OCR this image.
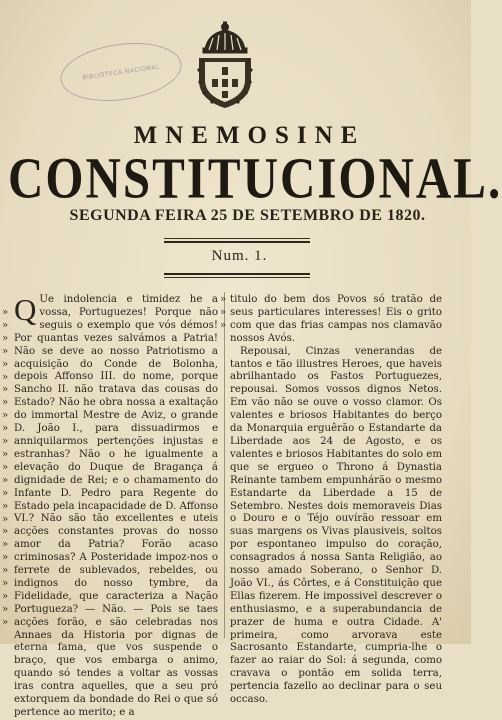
BIBLIOTECA NACIONAL
MNEMOSINE
CONSTITUCIONAL.
SEGUNDA FEIRA 25 DE SETEMBRO DE 1820.
Num. 1.

Q Ue indolencia e timidez he a vossa, Portuguezes! Porque não seguis o exemplo que vós démos! Por quantas vezes salvámos a Patria! Não se deve ao nosso Patriotismo a acquisição do Conde de Bolonha, depois Affonso III. do nome, porque Sancho II. não tratava das cousas do Estado? Não he obra nossa a exaltação do immortal Mestre de Aviz, o grande D. João I., para dissuadirmos e anniquilarmos pertenções injustas e estranhas? Não o he igualmente a elevação do Duque de Bragança á dignidade de Rei; e o chamamento do Infante D. Pedro para Regente do Estado pela incapacidade de D. Affonso VI.? Não são tão excellentes e uteis acções constantes provas do nosso amor da Patria? Forão acaso criminosas? A Posteridade impoz-nos o ferrete de sublevados, rebeldes, ou indignos do nosso tymbre, da Fidelidade, que caracteriza a Nação Portugueza? — Não. — Pois se taes acções forão, e são celebradas nos Annaes da Historia por dignas de eterna fama, que vos suspende o braço, que vos embarga o animo, quando só tendes a voltar as vossas iras contra aquelles, que a seu pró extorquem da bondade do Rei o que só pertence ao merito; e a

titulo do bem dos Povos só tratão de seus particulares interesses! Eis o grito com que das frias campas nos clamavão nossos Avós.

Repousai, Cinzas venerandas de tantos e tão illustres Heroes, que haveis abrilhantado os Fastos Portuguezes, repousai. Somos vossos dignos Netos. Em vão não se ouve o vosso clamor. Os valentes e briosos Habitantes do berço da Monarquia erguêrão o Estandarte da Liberdade aos 24 de Agosto, e os valentes e briosos Habitantes do solo em que se ergueo o Throno á Dynastia Reinante tambem empunhárão o mesmo Estandarte da Liberdade a 15 de Setembro. Nestes dois memoraveis Dias o Douro e o Téjo ouvírão ressoar em suas margens os Vivas plausiveis, soltos por espontaneo impulso do coração, consagrados á nossa Santa Religião, ao nosso amado Soberano, o Senhor D. João VI., ás Côrtes, e á Constituição que Ellas fizerem. He impossivel descrever o enthusiasmo, e a superabundancia de prazer de huma e outra Cidade. A' primeira, como arvorava este Sacrosanto Estandarte, cumpria-lhe o fazer ao raiar do Sol: á segunda, como cravava o pontão em solida terra, pertencia fazello ao declinar para o seu occaso.

»
»
»
»
»
»
»
»
»
»
»
»
»
»
»
»
»
»
»
»
»
»
»
»
»
»
»
»
